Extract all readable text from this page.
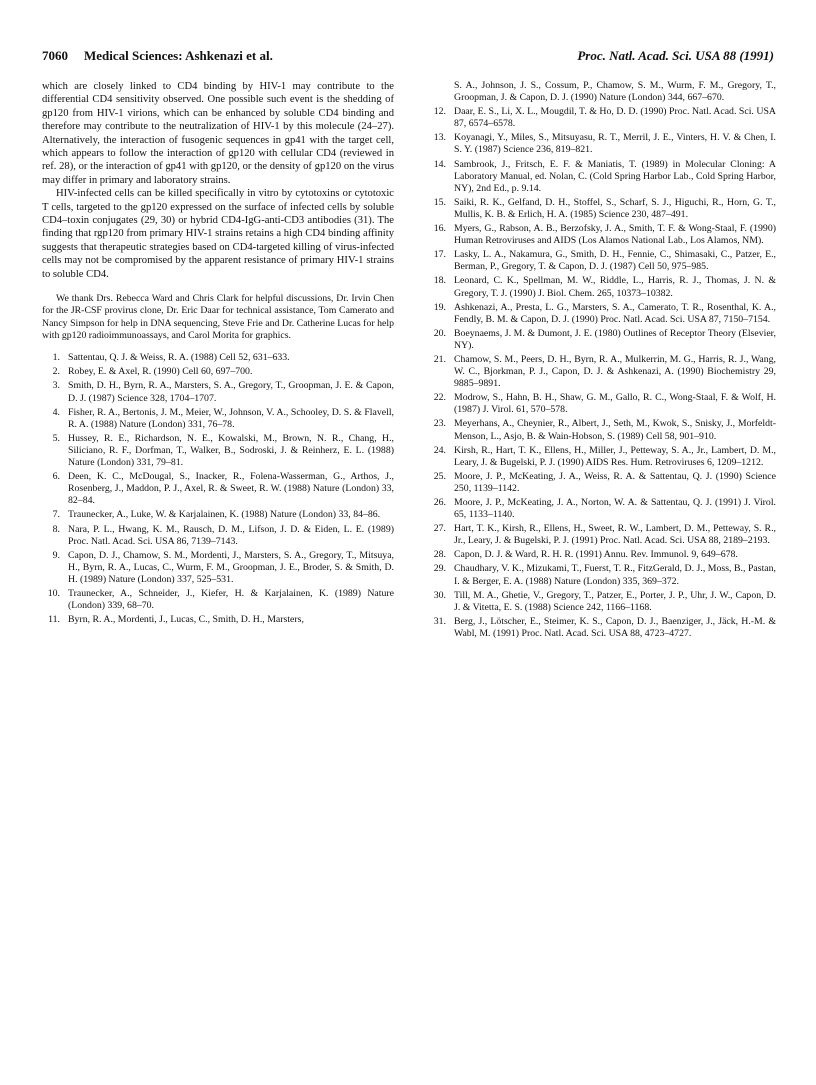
7060 Medical Sciences: Ashkenazi et al.	Proc. Natl. Acad. Sci. USA 88 (1991)

which are closely linked to CD4 binding by HIV-1 may contribute to the differential CD4 sensitivity observed. One possible such event is the shedding of gp120 from HIV-1 virions, which can be enhanced by soluble CD4 binding and therefore may contribute to the neutralization of HIV-1 by this molecule (24–27). Alternatively, the interaction of fusogenic sequences in gp41 with the target cell, which appears to follow the interaction of gp120 with cellular CD4 (reviewed in ref. 28), or the interaction of gp41 with gp120, or the density of gp120 on the virus may differ in primary and laboratory strains.

HIV-infected cells can be killed specifically in vitro by cytotoxins or cytotoxic T cells, targeted to the gp120 expressed on the surface of infected cells by soluble CD4–toxin conjugates (29, 30) or hybrid CD4-IgG-anti-CD3 antibodies (31). The finding that rgp120 from primary HIV-1 strains retains a high CD4 binding affinity suggests that therapeutic strategies based on CD4-targeted killing of virus-infected cells may not be compromised by the apparent resistance of primary HIV-1 strains to soluble CD4.

We thank Drs. Rebecca Ward and Chris Clark for helpful discussions, Dr. Irvin Chen for the JR-CSF provirus clone, Dr. Eric Daar for technical assistance, Tom Camerato and Nancy Simpson for help in DNA sequencing, Steve Frie and Dr. Catherine Lucas for help with gp120 radioimmunoassays, and Carol Morita for graphics.

1. Sattentau, Q. J. & Weiss, R. A. (1988) Cell 52, 631–633.
2. Robey, E. & Axel, R. (1990) Cell 60, 697–700.
3. Smith, D. H., Byrn, R. A., Marsters, S. A., Gregory, T., Groopman, J. E. & Capon, D. J. (1987) Science 328, 1704–1707.
4. Fisher, R. A., Bertonis, J. M., Meier, W., Johnson, V. A., Schooley, D. S. & Flavell, R. A. (1988) Nature (London) 331, 76–78.
5. Hussey, R. E., Richardson, N. E., Kowalski, M., Brown, N. R., Chang, H., Siliciano, R. F., Dorfman, T., Walker, B., Sodroski, J. & Reinherz, E. L. (1988) Nature (London) 331, 79–81.
6. Deen, K. C., McDougal, S., Inacker, R., Folena-Wasserman, G., Arthos, J., Rosenberg, J., Maddon, P. J., Axel, R. & Sweet, R. W. (1988) Nature (London) 33, 82–84.
7. Traunecker, A., Luke, W. & Karjalainen, K. (1988) Nature (London) 33, 84–86.
8. Nara, P. L., Hwang, K. M., Rausch, D. M., Lifson, J. D. & Eiden, L. E. (1989) Proc. Natl. Acad. Sci. USA 86, 7139–7143.
9. Capon, D. J., Chamow, S. M., Mordenti, J., Marsters, S. A., Gregory, T., Mitsuya, H., Byrn, R. A., Lucas, C., Wurm, F. M., Groopman, J. E., Broder, S. & Smith, D. H. (1989) Nature (London) 337, 525–531.
10. Traunecker, A., Schneider, J., Kiefer, H. & Karjalainen, K. (1989) Nature (London) 339, 68–70.
11. Byrn, R. A., Mordenti, J., Lucas, C., Smith, D. H., Marsters,
S. A., Johnson, J. S., Cossum, P., Chamow, S. M., Wurm, F. M., Gregory, T., Groopman, J. & Capon, D. J. (1990) Nature (London) 344, 667–670.
12. Daar, E. S., Li, X. L., Mougdil, T. & Ho, D. D. (1990) Proc. Natl. Acad. Sci. USA 87, 6574–6578.
13. Koyanagi, Y., Miles, S., Mitsuyasu, R. T., Merril, J. E., Vinters, H. V. & Chen, I. S. Y. (1987) Science 236, 819–821.
14. Sambrook, J., Fritsch, E. F. & Maniatis, T. (1989) in Molecular Cloning: A Laboratory Manual, ed. Nolan, C. (Cold Spring Harbor Lab., Cold Spring Harbor, NY), 2nd Ed., p. 9.14.
15. Saiki, R. K., Gelfand, D. H., Stoffel, S., Scharf, S. J., Higuchi, R., Horn, G. T., Mullis, K. B. & Erlich, H. A. (1985) Science 230, 487–491.
16. Myers, G., Rabson, A. B., Berzofsky, J. A., Smith, T. F. & Wong-Staal, F. (1990) Human Retroviruses and AIDS (Los Alamos National Lab., Los Alamos, NM).
17. Lasky, L. A., Nakamura, G., Smith, D. H., Fennie, C., Shimasaki, C., Patzer, E., Berman, P., Gregory, T. & Capon, D. J. (1987) Cell 50, 975–985.
18. Leonard, C. K., Spellman, M. W., Riddle, L., Harris, R. J., Thomas, J. N. & Gregory, T. J. (1990) J. Biol. Chem. 265, 10373–10382.
19. Ashkenazi, A., Presta, L. G., Marsters, S. A., Camerato, T. R., Rosenthal, K. A., Fendly, B. M. & Capon, D. J. (1990) Proc. Natl. Acad. Sci. USA 87, 7150–7154.
20. Boeynaems, J. M. & Dumont, J. E. (1980) Outlines of Receptor Theory (Elsevier, NY).
21. Chamow, S. M., Peers, D. H., Byrn, R. A., Mulkerrin, M. G., Harris, R. J., Wang, W. C., Bjorkman, P. J., Capon, D. J. & Ashkenazi, A. (1990) Biochemistry 29, 9885–9891.
22. Modrow, S., Hahn, B. H., Shaw, G. M., Gallo, R. C., Wong-Staal, F. & Wolf, H. (1987) J. Virol. 61, 570–578.
23. Meyerhans, A., Cheynier, R., Albert, J., Seth, M., Kwok, S., Snisky, J., Morfeldt-Menson, L., Asjo, B. & Wain-Hobson, S. (1989) Cell 58, 901–910.
24. Kirsh, R., Hart, T. K., Ellens, H., Miller, J., Petteway, S. A., Jr., Lambert, D. M., Leary, J. & Bugelski, P. J. (1990) AIDS Res. Hum. Retroviruses 6, 1209–1212.
25. Moore, J. P., McKeating, J. A., Weiss, R. A. & Sattentau, Q. J. (1990) Science 250, 1139–1142.
26. Moore, J. P., McKeating, J. A., Norton, W. A. & Sattentau, Q. J. (1991) J. Virol. 65, 1133–1140.
27. Hart, T. K., Kirsh, R., Ellens, H., Sweet, R. W., Lambert, D. M., Petteway, S. R., Jr., Leary, J. & Bugelski, P. J. (1991) Proc. Natl. Acad. Sci. USA 88, 2189–2193.
28. Capon, D. J. & Ward, R. H. R. (1991) Annu. Rev. Immunol. 9, 649–678.
29. Chaudhary, V. K., Mizukami, T., Fuerst, T. R., FitzGerald, D. J., Moss, B., Pastan, I. & Berger, E. A. (1988) Nature (London) 335, 369–372.
30. Till, M. A., Ghetie, V., Gregory, T., Patzer, E., Porter, J. P., Uhr, J. W., Capon, D. J. & Vitetta, E. S. (1988) Science 242, 1166–1168.
31. Berg, J., Lötscher, E., Steimer, K. S., Capon, D. J., Baenziger, J., Jäck, H.-M. & Wabl, M. (1991) Proc. Natl. Acad. Sci. USA 88, 4723–4727.
